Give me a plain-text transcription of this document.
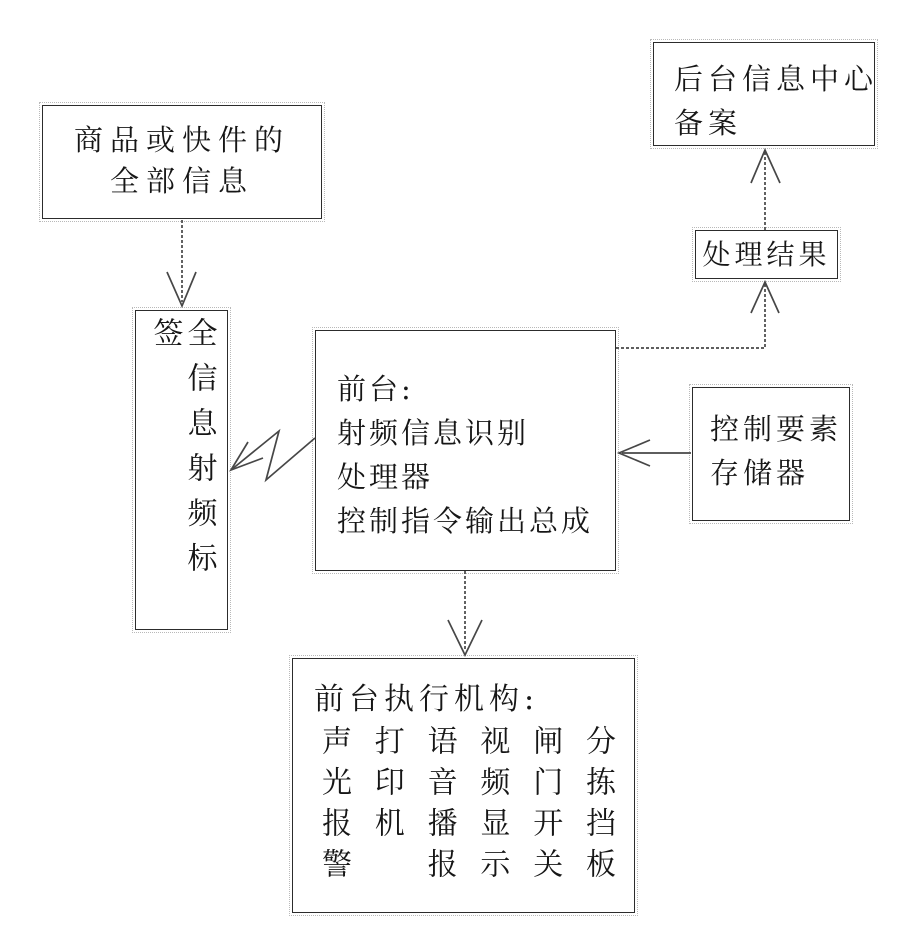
商品或快件的
全部信息
全信息射频标签
前台:
射频信息识别
处理器
控制指令输出总成
后台信息中心
备案
处理结果
控制要素
存储器
前台执行机构:
声光报警 打印机 语音播报 视频显示 闸门开关 分拣挡板
